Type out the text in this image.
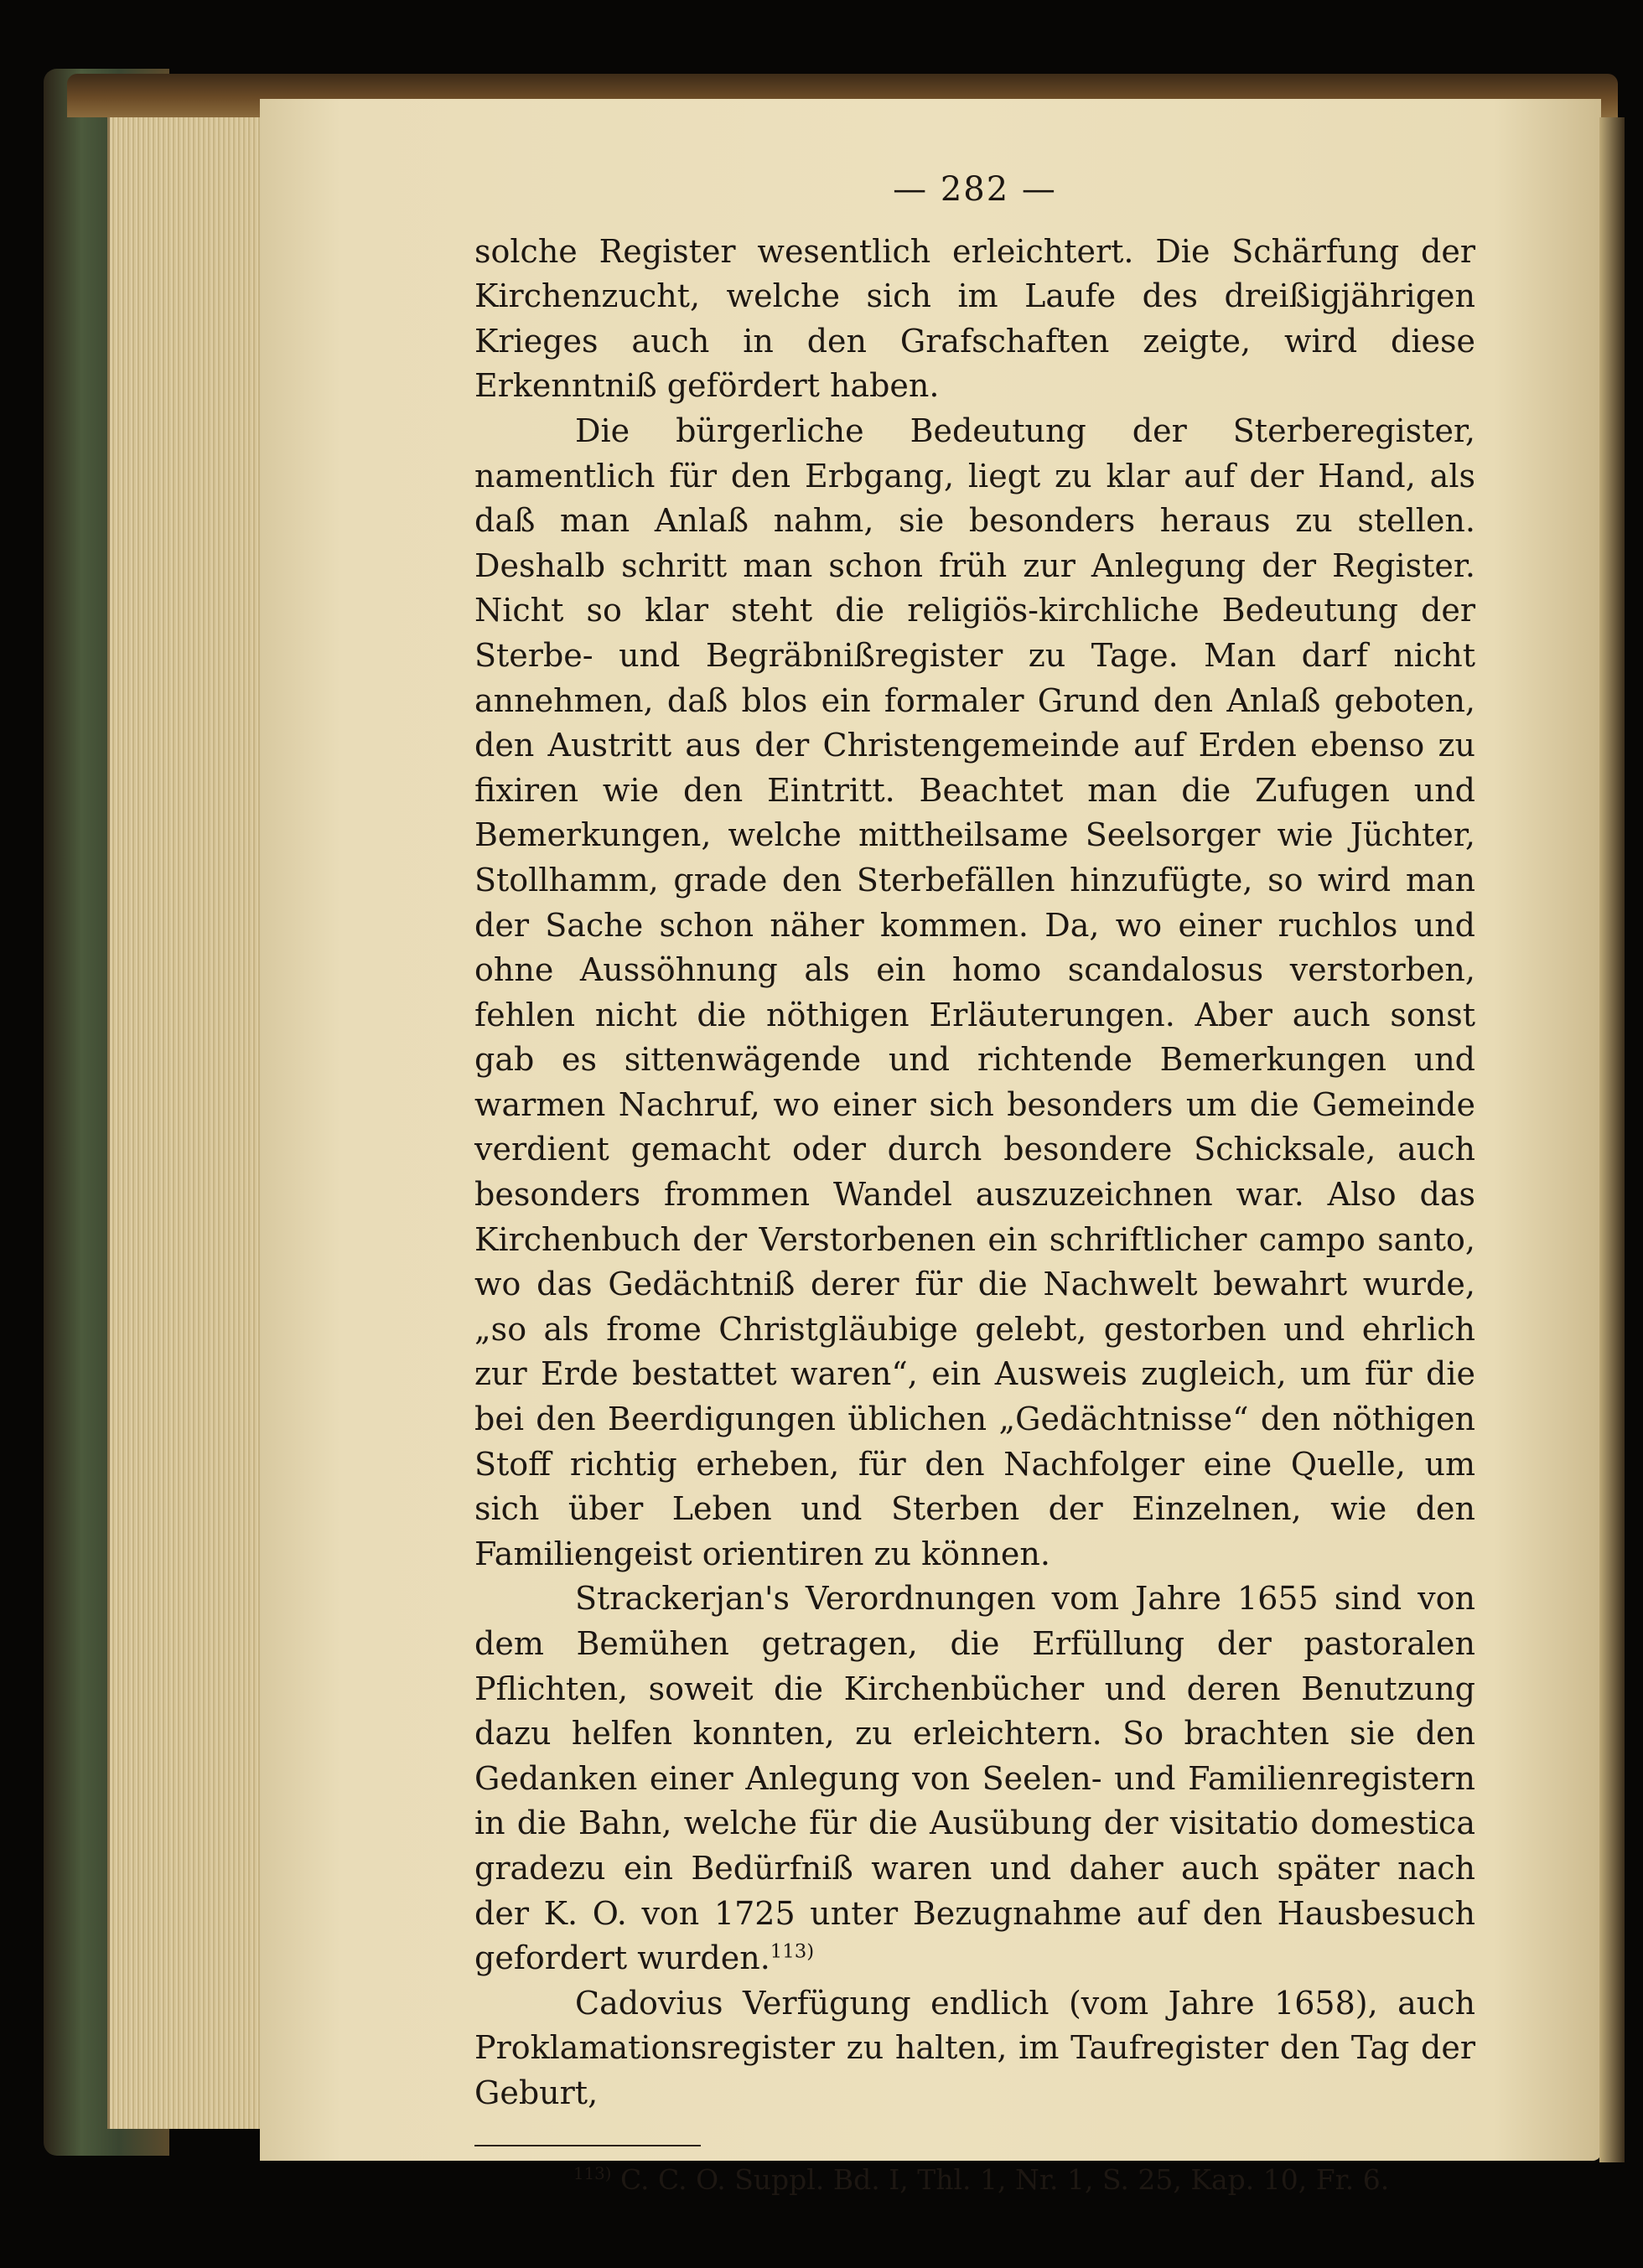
— 282 —

solche Register wesentlich erleichtert. Die Schärfung der Kirchenzucht, welche sich im Laufe des dreißigjährigen Krieges auch in den Grafschaften zeigte, wird diese Erkenntniß gefördert haben.

Die bürgerliche Bedeutung der Sterberegister, namentlich für den Erbgang, liegt zu klar auf der Hand, als daß man Anlaß nahm, sie besonders heraus zu stellen. Deshalb schritt man schon früh zur Anlegung der Register. Nicht so klar steht die religiös-kirchliche Bedeutung der Sterbe- und Begräbnißregister zu Tage. Man darf nicht annehmen, daß blos ein formaler Grund den Anlaß geboten, den Austritt aus der Christengemeinde auf Erden ebenso zu fixiren wie den Eintritt. Beachtet man die Zufugen und Bemerkungen, welche mittheilsame Seelsorger wie Jüchter, Stollhamm, grade den Sterbefällen hinzufügte, so wird man der Sache schon näher kommen. Da, wo einer ruchlos und ohne Aussöhnung als ein homo scandalosus verstorben, fehlen nicht die nöthigen Erläuterungen. Aber auch sonst gab es sittenwägende und richtende Bemerkungen und warmen Nachruf, wo einer sich besonders um die Gemeinde verdient gemacht oder durch besondere Schicksale, auch besonders frommen Wandel auszuzeichnen war. Also das Kirchenbuch der Verstorbenen ein schriftlicher campo santo, wo das Gedächtniß derer für die Nachwelt bewahrt wurde, „so als frome Christgläubige gelebt, gestorben und ehrlich zur Erde bestattet waren“, ein Ausweis zugleich, um für die bei den Beerdigungen üblichen „Gedächtnisse“ den nöthigen Stoff richtig erheben, für den Nachfolger eine Quelle, um sich über Leben und Sterben der Einzelnen, wie den Familiengeist orientiren zu können.

Strackerjan's Verordnungen vom Jahre 1655 sind von dem Bemühen getragen, die Erfüllung der pastoralen Pflichten, soweit die Kirchenbücher und deren Benutzung dazu helfen konnten, zu erleichtern. So brachten sie den Gedanken einer Anlegung von Seelen- und Familienregistern in die Bahn, welche für die Ausübung der visitatio domestica gradezu ein Bedürfniß waren und daher auch später nach der K. O. von 1725 unter Bezugnahme auf den Hausbesuch gefordert wurden.$^{113)}$

Cadovius Verfügung endlich (vom Jahre 1658), auch Proklamationsregister zu halten, im Taufregister den Tag der Geburt,

$^{113)}$ C. C. O. Suppl. Bd. I, Thl. 1, Nr. 1, S. 25, Kap. 10, Fr. 6.
